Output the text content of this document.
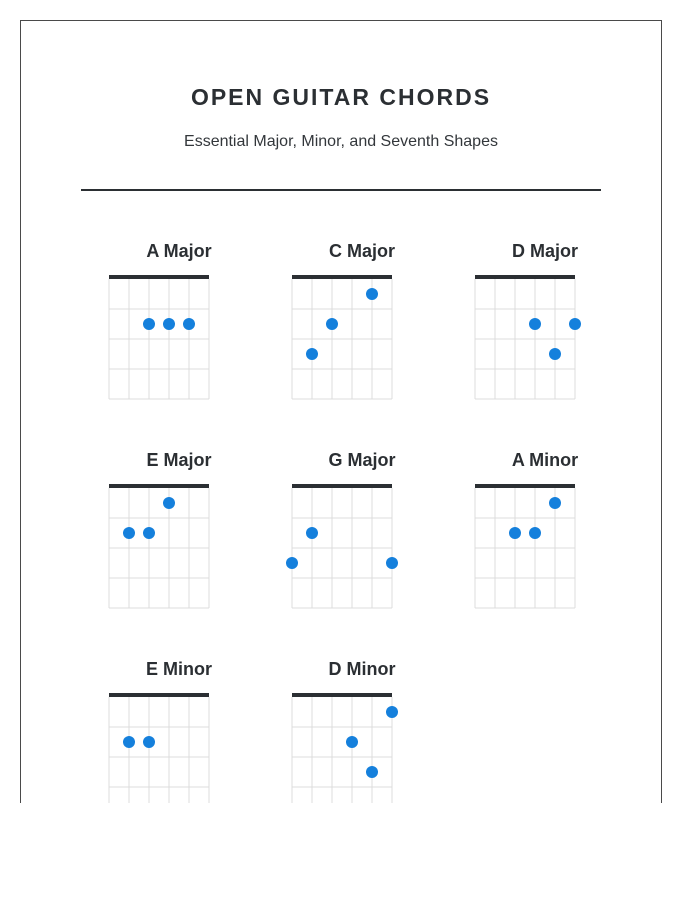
OPEN GUITAR CHORDS
Essential Major, Minor, and Seventh Shapes
A Major	C Major	D Major
E Major	G Major	A Minor
E Minor	D Minor
